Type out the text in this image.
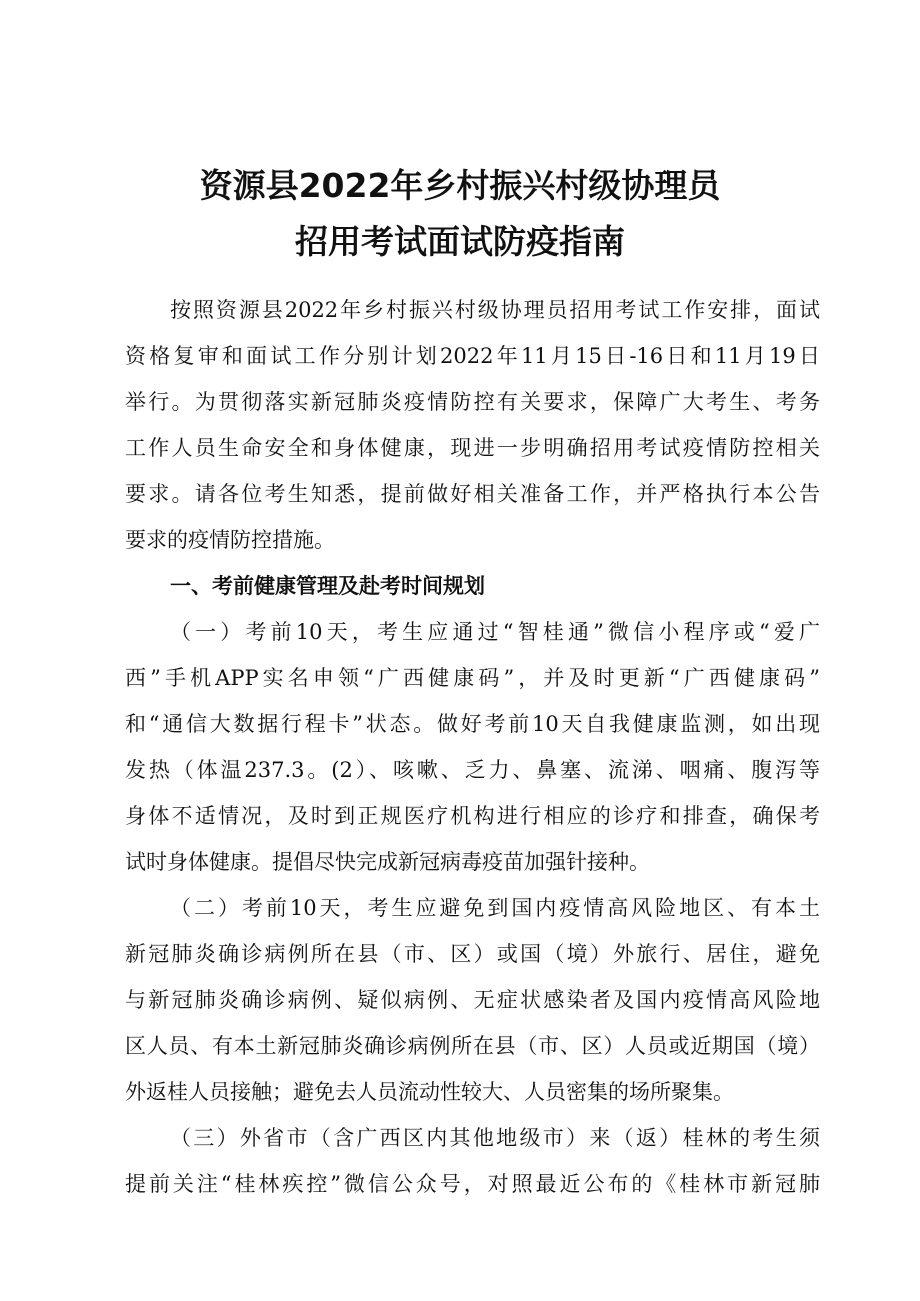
资源县2022年乡村振兴村级协理员
招用考试面试防疫指南
按照资源县2022年乡村振兴村级协理员招用考试工作安排，面试
资格复审和面试工作分别计划2022年11月15日-16日和11月19日
举行。为贯彻落实新冠肺炎疫情防控有关要求，保障广大考生、考务
工作人员生命安全和身体健康，现进一步明确招用考试疫情防控相关
要求。请各位考生知悉，提前做好相关准备工作，并严格执行本公告
要求的疫情防控措施。
一、考前健康管理及赴考时间规划
（一）考前10天，考生应通过“智桂通”微信小程序或“爱广
西”手机APP实名申领“广西健康码”，并及时更新“广西健康码”
和“通信大数据行程卡”状态。做好考前10天自我健康监测，如出现
发热（体温237.3。(2）、咳嗽、乏力、鼻塞、流涕、咽痛、腹泻等
身体不适情况，及时到正规医疗机构进行相应的诊疗和排查，确保考
试时身体健康。提倡尽快完成新冠病毒疫苗加强针接种。
（二）考前10天，考生应避免到国内疫情高风险地区、有本土
新冠肺炎确诊病例所在县（市、区）或国（境）外旅行、居住，避免
与新冠肺炎确诊病例、疑似病例、无症状感染者及国内疫情高风险地
区人员、有本土新冠肺炎确诊病例所在县（市、区）人员或近期国（境）
外返桂人员接触；避免去人员流动性较大、人员密集的场所聚集。
（三）外省市（含广西区内其他地级市）来（返）桂林的考生须
提前关注“桂林疾控”微信公众号，对照最近公布的《桂林市新冠肺
